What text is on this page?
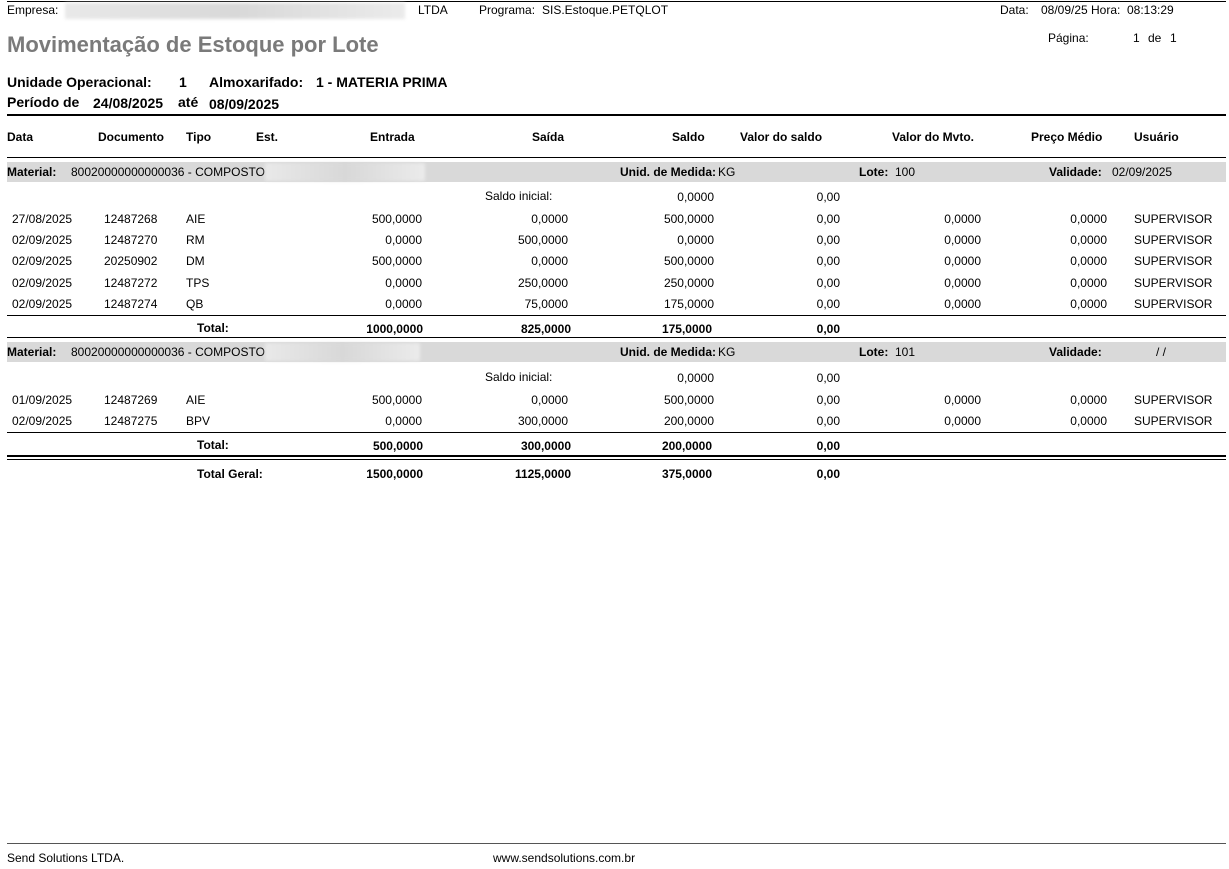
Empresa:	LTDA	Programa: SIS.Estoque.PETQLOT	Data: 08/09/25 Hora: 08:13:29
Página:	1 de 1
Movimentação de Estoque por Lote
Unidade Operacional: 1 Almoxarifado: 1 - MATERIA PRIMA
Período de 24/08/2025 até 08/09/2025
Data	Documento Tipo	Est.	Entrada	Saída	Saldo	Valor do saldo	Valor do Mvto.	Preço Médio	Usuário
Material: 80020000000000036 - COMPOSTO	Unid. de Medida: KG	Lote: 100	Validade: 02/09/2025
Saldo inicial:	0,0000	0,00
27/08/2025	12487268 AIE	500,0000	0,0000	500,0000	0,00	0,0000	0,0000 SUPERVISOR
02/09/2025	12487270 RM	0,0000	500,0000	0,0000	0,00	0,0000	0,0000 SUPERVISOR
02/09/2025	20250902 DM	500,0000	0,0000	500,0000	0,00	0,0000	0,0000 SUPERVISOR
02/09/2025	12487272 TPS	0,0000	250,0000	250,0000	0,00	0,0000	0,0000 SUPERVISOR
02/09/2025	12487274 QB	0,0000	75,0000	175,0000	0,00	0,0000	0,0000 SUPERVISOR
Total:	1000,0000	825,0000	175,0000	0,00
Material: 80020000000000036 - COMPOSTO	Unid. de Medida: KG	Lote: 101	Validade:	/ /
Saldo inicial:	0,0000	0,00
01/09/2025	12487269 AIE	500,0000	0,0000	500,0000	0,00	0,0000	0,0000 SUPERVISOR
02/09/2025	12487275 BPV	0,0000	300,0000	200,0000	0,00	0,0000	0,0000 SUPERVISOR
Total:	500,0000	300,0000	200,0000	0,00
Total Geral:	1500,0000	1125,0000	375,0000	0,00
Send Solutions LTDA.	www.sendsolutions.com.br
